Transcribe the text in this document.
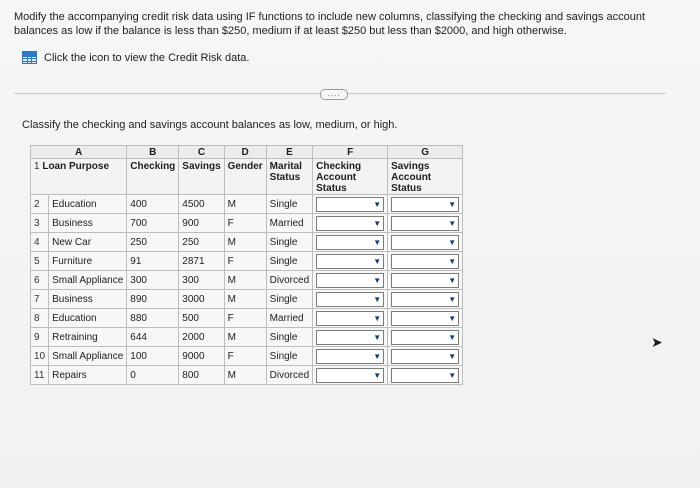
Modify the accompanying credit risk data using IF functions to include new columns, classifying the checking and savings account balances as low if the balance is less than $250, medium if at least $250 but less than $2000, and high otherwise.
Click the icon to view the Credit Risk data.
....
Classify the checking and savings account balances as low, medium, or high.
A		B	C	D	E	F	G
1 Loan Purpose		Checking	Savings	Gender	Marital Status	Checking Account Status	Savings Account Status
2	Education	400	4500	M	Single	▼	▼

3	Business	700	900	F	Married	▼	▼

4	New Car	250	250	M	Single	▼	▼

5	Furniture	91	2871	F	Single	▼	▼

6	Small Appliance	300	300	M	Divorced	▼	▼

7	Business	890	3000	M	Single	▼	▼

8	Education	880	500	F	Married	▼	▼

9	Retraining	644	2000	M	Single	▼	▼

10	Small Appliance	100	9000	F	Single	▼	▼

11	Repairs	0	800	M	Divorced	▼	▼
➤
